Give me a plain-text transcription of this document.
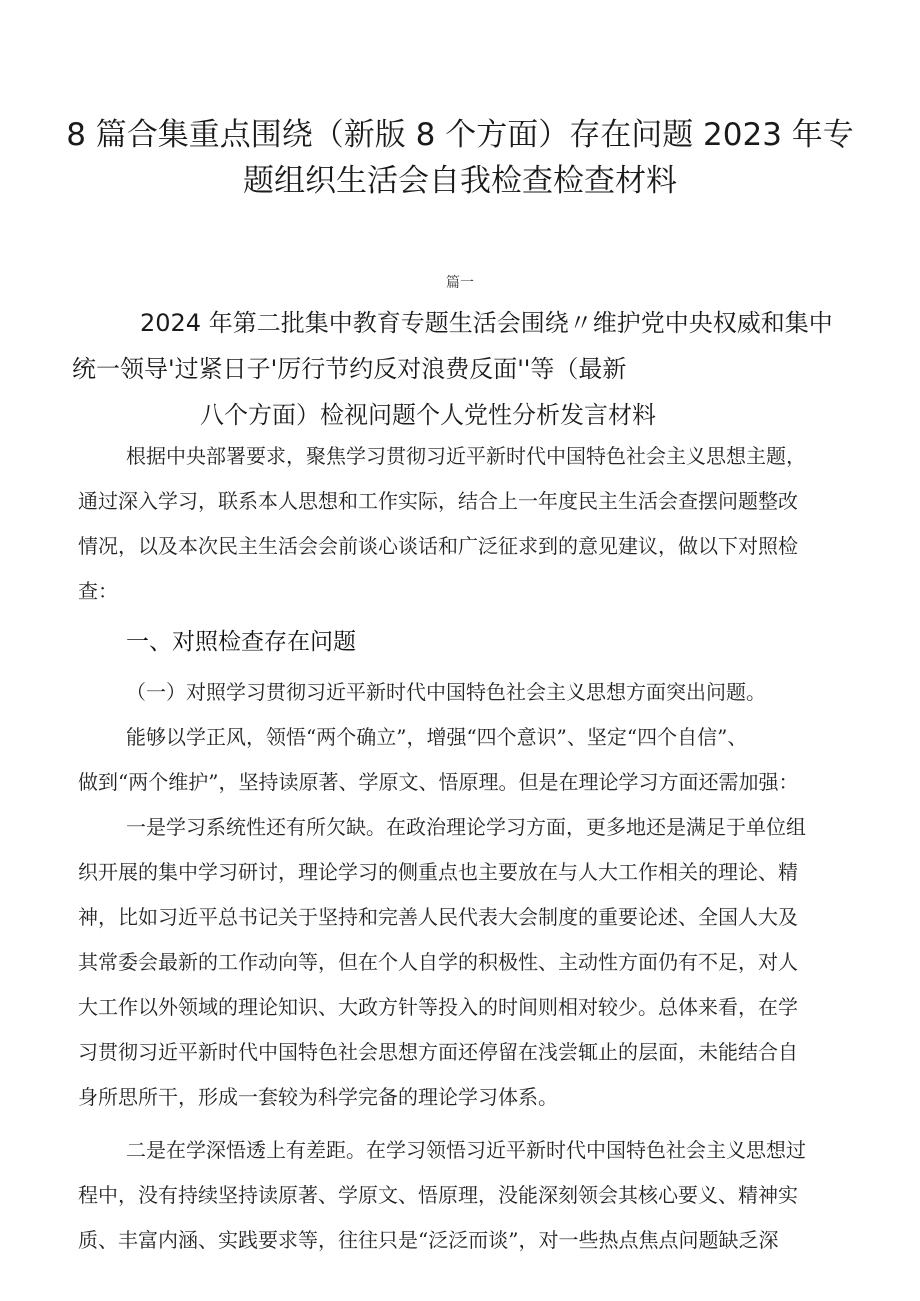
8 篇合集重点围绕（新版 8 个方面）存在问题 2023 年专
题组织生活会自我检查检查材料
篇一
2024 年第二批集中教育专题生活会围绕〃维护党中央权威和集中
统一领导'过紧日子'厉行节约反对浪费反面''等（最新
八个方面）检视问题个人党性分析发言材料
根据中央部署要求，聚焦学习贯彻习近平新时代中国特色社会主义思想主题，
通过深入学习，联系本人思想和工作实际，结合上一年度民主生活会查摆问题整改
情况，以及本次民主生活会会前谈心谈话和广泛征求到的意见建议，做以下对照检
查：
一、对照检查存在问题
（一）对照学习贯彻习近平新时代中国特色社会主义思想方面突出问题。
能够以学正风，领悟“两个确立”，增强“四个意识”、坚定“四个自信”、
做到“两个维护”，坚持读原著、学原文、悟原理。但是在理论学习方面还需加强：
一是学习系统性还有所欠缺。在政治理论学习方面，更多地还是满足于单位组
织开展的集中学习研讨，理论学习的侧重点也主要放在与人大工作相关的理论、精
神，比如习近平总书记关于坚持和完善人民代表大会制度的重要论述、全国人大及
其常委会最新的工作动向等，但在个人自学的积极性、主动性方面仍有不足，对人
大工作以外领域的理论知识、大政方针等投入的时间则相对较少。总体来看，在学
习贯彻习近平新时代中国特色社会思想方面还停留在浅尝辄止的层面，未能结合自
身所思所干，形成一套较为科学完备的理论学习体系。
二是在学深悟透上有差距。在学习领悟习近平新时代中国特色社会主义思想过
程中，没有持续坚持读原著、学原文、悟原理，没能深刻领会其核心要义、精神实
质、丰富内涵、实践要求等，往往只是“泛泛而谈”，对一些热点焦点问题缺乏深
